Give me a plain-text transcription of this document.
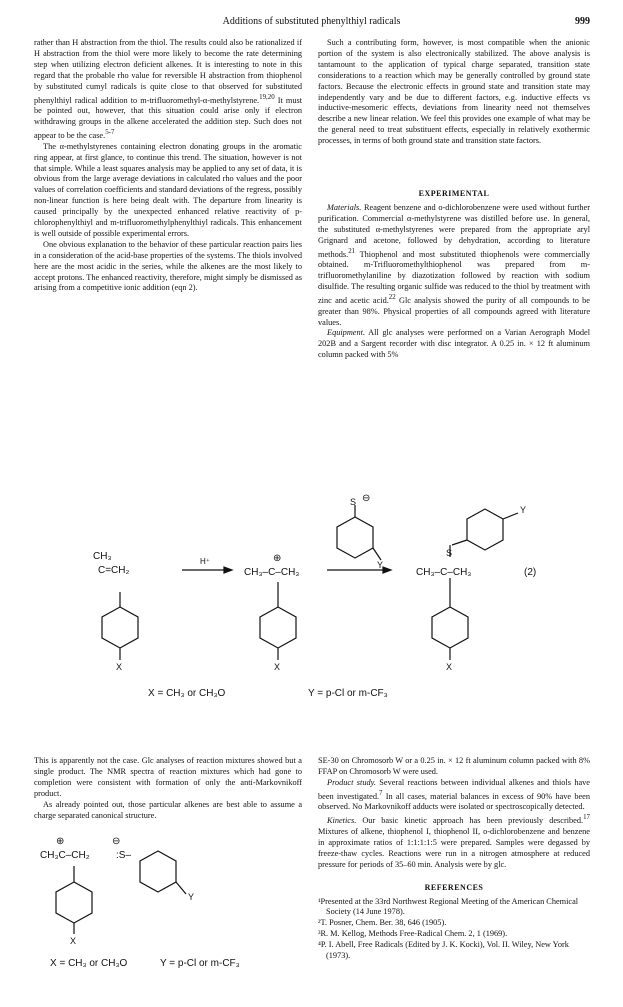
Additions of substituted phenylthiyl radicals	999

rather than H abstraction from the thiol. The results could also be rationalized if H abstraction from the thiol were more likely to become the rate determining step when utilizing electron deficient alkenes. It is interesting to note in this regard that the probable rho value for reversible H abstraction from thiophenol by substituted cumyl radicals is quite close to that observed for substituted phenylthiyl radical addition to m-trifluoromethyl-α-methylstyrene.$^{19,20}$ It must be pointed out, however, that this situation could arise only if electron withdrawing groups in the alkene accelerated the addition step. Such does not appear to be the case.$^{5-7}$

The α-methylstyrenes containing electron donating groups in the aromatic ring appear, at first glance, to continue this trend. The situation, however is not that simple. While a least squares analysis may be applied to any set of data, it is obvious from the large average deviations in calculated rho values and the poor values of correlation coefficients and standard deviations of the regress, possibly non-linear function is here being dealt with. The departure from linearity is caused principally by the unexpected enhanced relative reactivity of p-chlorophenylthiyl and m-trifluoromethylphenylthiyl radicals. This enhancement is well outside of possible experimental errors.

One obvious explanation to the behavior of these particular reaction pairs lies in a consideration of the acid-base properties of the systems. The thiols involved here are the most acidic in the series, while the alkenes are the most likely to accept protons. The enhanced reactivity, therefore, might simply be dismissed as arising from a competitive ionic addition (eqn 2).

Such a contributing form, however, is most compatible when the anionic portion of the system is also electronically stabilized. The above analysis is tantamount to the application of typical charge separated, transition state considerations to a reaction which may be generally controlled by ground state factors. Because the electronic effects in ground state and transition state may independently vary and be due to different factors, e.g. inductive effects vs inductive-mesomeric effects, deviations from linearity need not themselves describe a new linear relation. We feel this provides one example of what may be the general need to treat substituent effects, especially in relatively exothermic processes, in terms of both ground state and transition state factors.

EXPERIMENTAL

Materials. Reagent benzene and o-dichlorobenzene were used without further purification. Commercial α-methylstyrene was distilled before use. In general, the substituted α-methylstyrenes were prepared from the appropriate aryl Grignard and acetone, followed by dehydration, according to literature methods.$^{21}$ Thiophenol and most substituted thiophenols were commercially obtained. m-Trifluoromethylthiophenol was prepared from m-trifluoromethylaniline by diazotization followed by reaction with sodium disulfide. The resulting organic sulfide was reduced to the thiol by treatment with zinc and acetic acid.$^{22}$ Glc analysis showed the purity of all compounds to be greater than 98%. Physical properties of all compounds agreed with literature values.

Equipment. All glc analyses were performed on a Varian Aerograph Model 202B and a Sargent recorder with disc integrator. A 0.25 in. × 12 ft aluminum column packed with 5%

CH₃
C=CH₂
H⁺	⊕
CH₃–C–CH₃
⊖
S
Y
S
Y
CH₃–C–CH₃	(2)
X	X	X
X = CH₃ or CH₃O	Y = p-Cl or m-CF₃

This is apparently not the case. Glc analyses of reaction mixtures showed but a single product. The NMR spectra of reaction mixtures which had gone to completion were consistent with formation of only the anti-Markovnikoff product.

As already pointed out, those particular alkenes are best able to assume a charge separated canonical structure.

⊕	⊖
CH₃C–CH₂	:S–
Y
X
X = CH₃ or CH₃O	Y = p-Cl or m-CF₃

SE-30 on Chromosorb W or a 0.25 in. × 12 ft aluminum column packed with 8% FFAP on Chromosorb W were used.

Product study. Several reactions between individual alkenes and thiols have been investigated.$^7$ In all cases, material balances in excess of 90% have been observed. No Markovnikoff adducts were isolated or spectroscopically detected.

Kinetics. Our basic kinetic approach has been previously described.$^{17}$ Mixtures of alkene, thiophenol I, thiophenol II, o-dichlorobenzene and benzene in approximate ratios of 1:1:1:1:5 were prepared. Samples were degassed by freeze-thaw cycles. Reactions were run in a nitrogen atmosphere at reduced pressure for periods of 35–60 min. Analysis were by glc.

REFERENCES

¹Presented at the 33rd Northwest Regional Meeting of the American Chemical Society (14 June 1978).

²T. Posner, Chem. Ber. 38, 646 (1905).

³R. M. Kellog, Methods Free-Radical Chem. 2, 1 (1969).

⁴P. I. Abell, Free Radicals (Edited by J. K. Kocki), Vol. II. Wiley, New York (1973).
